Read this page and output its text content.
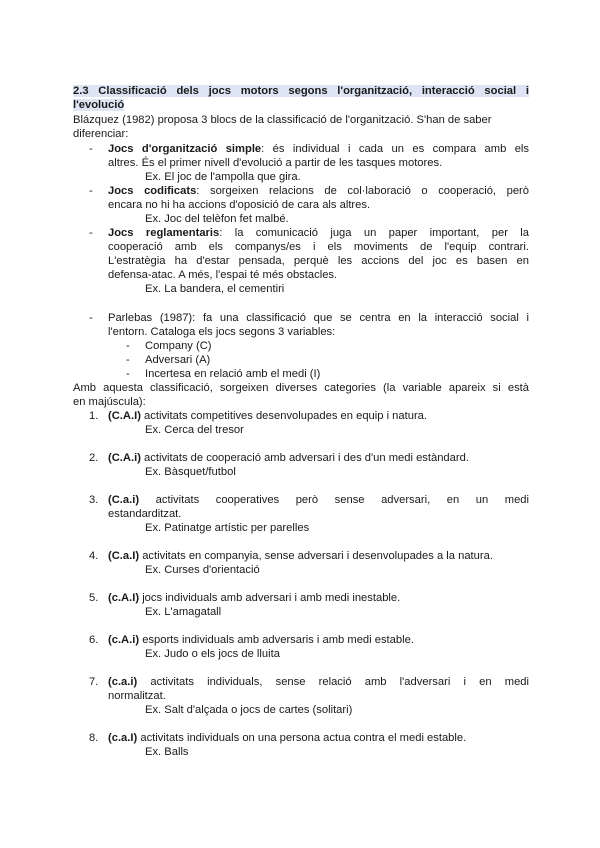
2.3 Classificació dels jocs motors segons l'organització, interacció social i
l'evolució
Blázquez (1982) proposa 3 blocs de la classificació de l'organització. S'han de saber
diferenciar:
- Jocs d'organització simple: és individual i cada un es compara amb els
altres. És el primer nivell d'evolució a partir de les tasques motores.
Ex. El joc de l'ampolla que gira.
- Jocs codificats: sorgeixen relacions de col·laboració o cooperació, però
encara no hi ha accions d'oposició de cara als altres.
Ex. Joc del telèfon fet malbé.
- Jocs reglamentaris: la comunicació juga un paper important, per la
cooperació amb els companys/es i els moviments de l'equip contrari.
L'estratègia ha d'estar pensada, perquè les accions del joc es basen en
defensa-atac. A més, l'espai té més obstacles.
Ex. La bandera, el cementiri
- Parlebas (1987): fa una classificació que se centra en la interacció social i
l'entorn. Cataloga els jocs segons 3 variables:
- Company (C)
- Adversari (A)
- Incertesa en relació amb el medi (I)
Amb aquesta classificació, sorgeixen diverses categories (la variable apareix si està
en majúscula):
1. (C.A.I) activitats competitives desenvolupades en equip i natura.
Ex. Cerca del tresor
2. (C.A.i) activitats de cooperació amb adversari i des d'un medi estàndard.
Ex. Bàsquet/futbol
3. (C.a.i) activitats cooperatives però sense adversari, en un medi
estandarditzat.
Ex. Patinatge artístic per parelles
4. (C.a.I) activitats en companyia, sense adversari i desenvolupades a la natura.
Ex. Curses d'orientació
5. (c.A.I) jocs individuals amb adversari i amb medi inestable.
Ex. L'amagatall
6. (c.A.i) esports individuals amb adversaris i amb medi estable.
Ex. Judo o els jocs de lluita
7. (c.a.i) activitats individuals, sense relació amb l'adversari i en medi
normalitzat.
Ex. Salt d'alçada o jocs de cartes (solitari)
8. (c.a.I) activitats individuals on una persona actua contra el medi estable.
Ex. Balls
